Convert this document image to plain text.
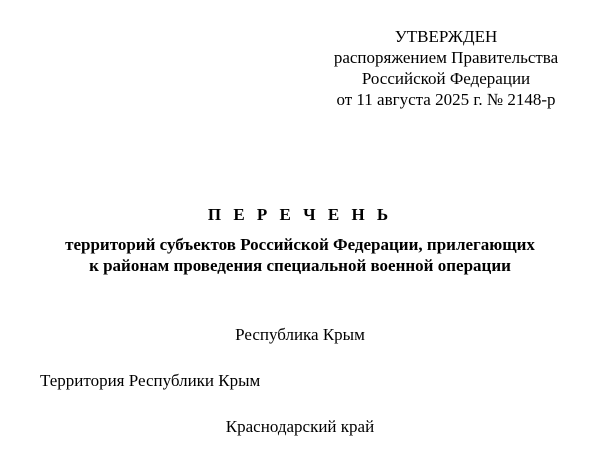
УТВЕРЖДЕН
распоряжением Правительства
Российской Федерации
от 11 августа 2025 г. № 2148-р
П Е Р Е Ч Е Н Ь
территорий субъектов Российской Федерации, прилегающих
к районам проведения специальной военной операции
Республика Крым
Территория Республики Крым
Краснодарский край
